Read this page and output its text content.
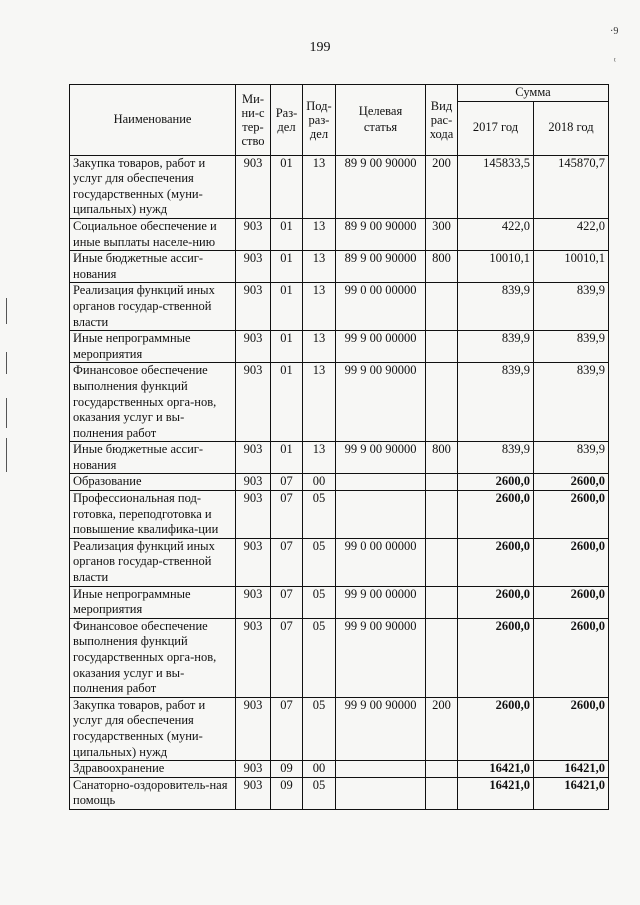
199
·9
ᵗ
Наименование	Ми-ни-стер-ство	Раз-дел	Под-раз-дел	Целевая статья	Вид рас-хода	Сумма	
						2017 год	2018 год
Закупка товаров, работ и услуг для обеспечения государственных (муни-ципальных) нужд	903	01	13	89 9 00 90000	200	145833,5	145870,7
Социальное обеспечение и иные выплаты населе-нию	903	01	13	89 9 00 90000	300	422,0	422,0
Иные бюджетные ассиг-нования	903	01	13	89 9 00 90000	800	10010,1	10010,1
Реализация функций иных органов государ-ственной власти	903	01	13	99 0 00 00000		839,9	839,9
Иные непрограммные мероприятия	903	01	13	99 9 00 00000		839,9	839,9
Финансовое обеспечение выполнения функций государственных орга-нов, оказания услуг и вы-полнения работ	903	01	13	99 9 00 90000		839,9	839,9
Иные бюджетные ассиг-нования	903	01	13	99 9 00 90000	800	839,9	839,9
Образование	903	07	00			2600,0	2600,0
Профессиональная под-готовка, переподготовка и повышение квалифика-ции	903	07	05			2600,0	2600,0
Реализация функций иных органов государ-ственной власти	903	07	05	99 0 00 00000		2600,0	2600,0
Иные непрограммные мероприятия	903	07	05	99 9 00 00000		2600,0	2600,0
Финансовое обеспечение выполнения функций государственных орга-нов, оказания услуг и вы-полнения работ	903	07	05	99 9 00 90000		2600,0	2600,0
Закупка товаров, работ и услуг для обеспечения государственных (муни-ципальных) нужд	903	07	05	99 9 00 90000	200	2600,0	2600,0
Здравоохранение	903	09	00			16421,0	16421,0
Санаторно-оздоровитель-ная помощь	903	09	05			16421,0	16421,0
